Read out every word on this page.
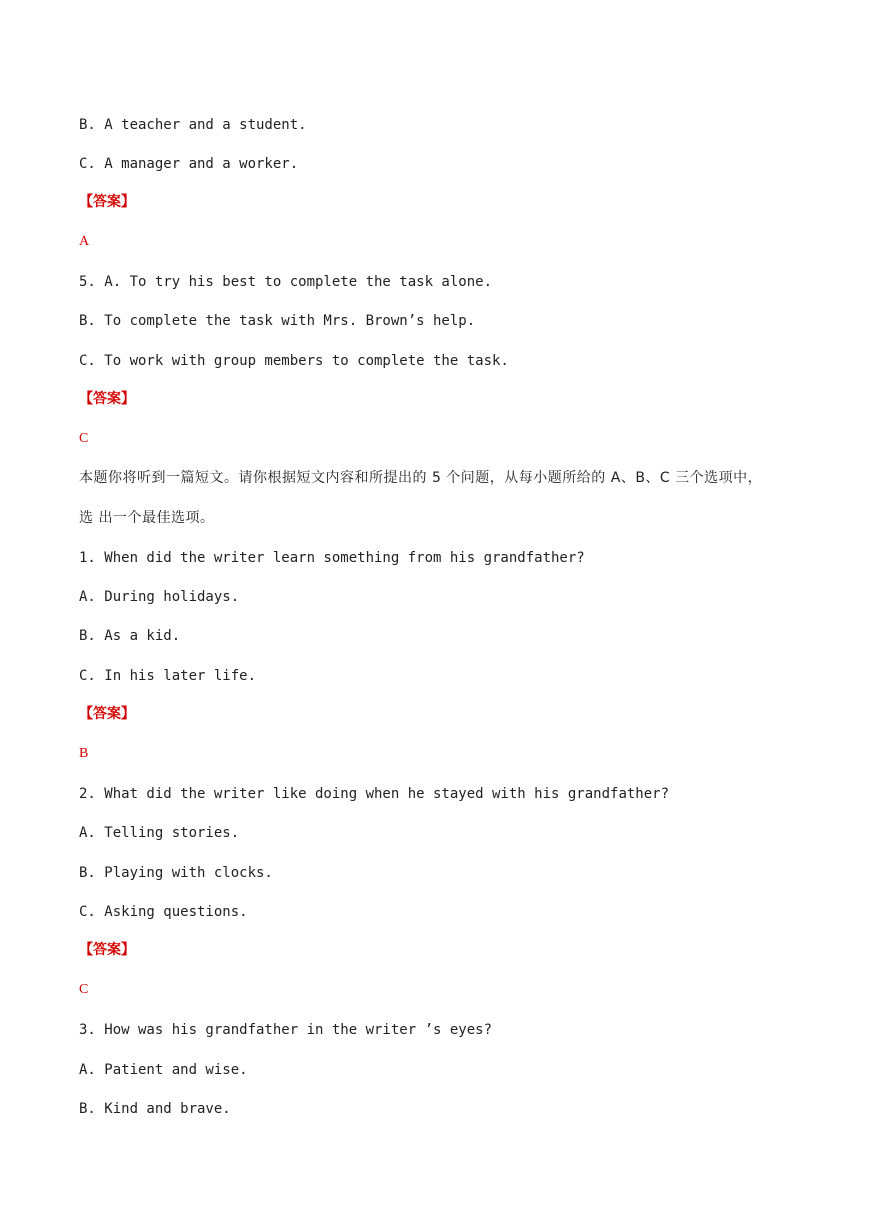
B. A teacher and a student.

C. A manager and a worker.

【答案】

A

5. A. To try his best to complete the task alone.

B. To complete the task with Mrs. Brown’s help.

C. To work with group members to complete the task.

【答案】

C

本题你将听到一篇短文。请你根据短文内容和所提出的 5 个问题，从每小题所给的 A、B、C 三个选项中，

选 出一个最佳选项。

1. When did the writer learn something from his grandfather?

A. During holidays.

B. As a kid.

C. In his later life.

【答案】

B

2. What did the writer like doing when he stayed with his grandfather?

A. Telling stories.

B. Playing with clocks.

C. Asking questions.

【答案】

C

3. How was his grandfather in the writer ’s eyes?

A. Patient and wise.

B. Kind and brave.
